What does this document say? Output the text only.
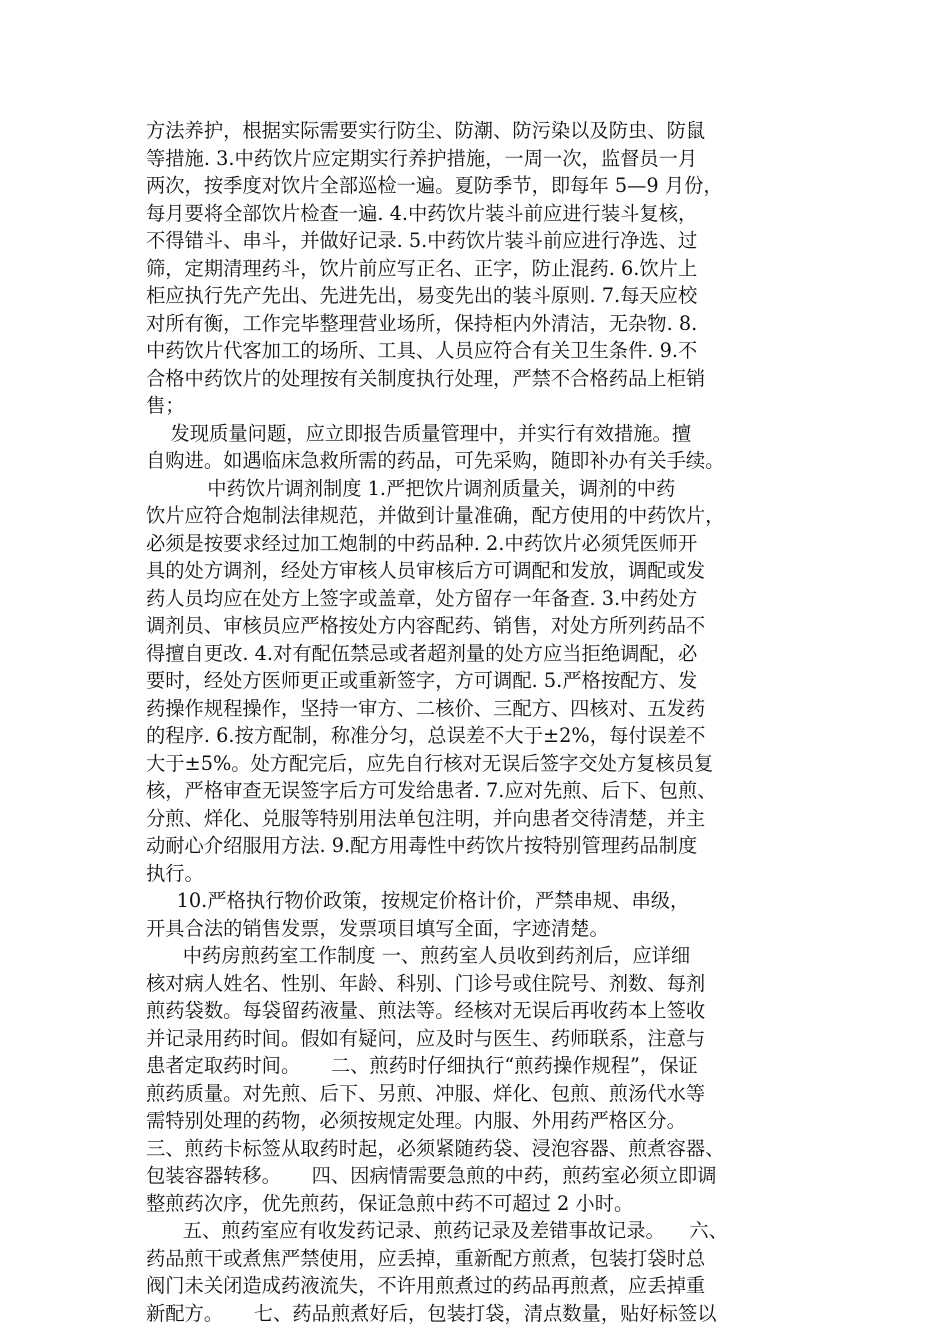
方法养护，根据实际需要实行防尘、防潮、防污染以及防虫、防鼠
等措施. 3.中药饮片应定期实行养护措施，一周一次，监督员一月
两次，按季度对饮片全部巡检一遍。夏防季节，即每年 5—9 月份，
每月要将全部饮片检查一遍. 4.中药饮片装斗前应进行装斗复核，
不得错斗、串斗，并做好记录. 5.中药饮片装斗前应进行净选、过
筛，定期清理药斗，饮片前应写正名、正字，防止混药. 6.饮片上
柜应执行先产先出、先进先出，易变先出的装斗原则. 7.每天应校
对所有衡，工作完毕整理营业场所，保持柜内外清洁，无杂物. 8.
中药饮片代客加工的场所、工具、人员应符合有关卫生条件. 9.不
合格中药饮片的处理按有关制度执行处理，严禁不合格药品上柜销
售；
发现质量问题，应立即报告质量管理中，并实行有效措施。擅
自购进。如遇临床急救所需的药品，可先采购，随即补办有关手续。
中药饮片调剂制度 1.严把饮片调剂质量关，调剂的中药
饮片应符合炮制法律规范，并做到计量准确，配方使用的中药饮片，
必须是按要求经过加工炮制的中药品种. 2.中药饮片必须凭医师开
具的处方调剂，经处方审核人员审核后方可调配和发放，调配或发
药人员均应在处方上签字或盖章，处方留存一年备查. 3.中药处方
调剂员、审核员应严格按处方内容配药、销售，对处方所列药品不
得擅自更改. 4.对有配伍禁忌或者超剂量的处方应当拒绝调配，必
要时，经处方医师更正或重新签字，方可调配. 5.严格按配方、发
药操作规程操作，坚持一审方、二核价、三配方、四核对、五发药
的程序. 6.按方配制，称准分匀，总误差不大于±2%，每付误差不
大于±5%。处方配完后，应先自行核对无误后签字交处方复核员复
核，严格审查无误签字后方可发给患者. 7.应对先煎、后下、包煎、
分煎、烊化、兑服等特别用法单包注明，并向患者交待清楚，并主
动耐心介绍服用方法. 9.配方用毒性中药饮片按特别管理药品制度
执行。
10.严格执行物价政策，按规定价格计价，严禁串规、串级，
开具合法的销售发票，发票项目填写全面，字迹清楚。
中药房煎药室工作制度 一、煎药室人员收到药剂后，应详细
核对病人姓名、性别、年龄、科别、门诊号或住院号、剂数、每剂
煎药袋数。每袋留药液量、煎法等。经核对无误后再收药本上签收
并记录用药时间。假如有疑问，应及时与医生、药师联系，注意与
患者定取药时间。     二、煎药时仔细执行“煎药操作规程”，保证
煎药质量。对先煎、后下、另煎、冲服、烊化、包煎、煎汤代水等
需特别处理的药物，必须按规定处理。内服、外用药严格区分。
三、煎药卡标签从取药时起，必须紧随药袋、浸泡容器、煎煮容器、
包装容器转移。     四、因病情需要急煎的中药，煎药室必须立即调
整煎药次序，优先煎药，保证急煎中药不可超过 2 小时。
五、煎药室应有收发药记录、煎药记录及差错事故记录。    六、
药品煎干或煮焦严禁使用，应丢掉，重新配方煎煮，包装打袋时总
阀门未关闭造成药液流失，不许用煎煮过的药品再煎煮，应丢掉重
新配方。     七、药品煎煮好后，包装打袋，清点数量，贴好标签以
